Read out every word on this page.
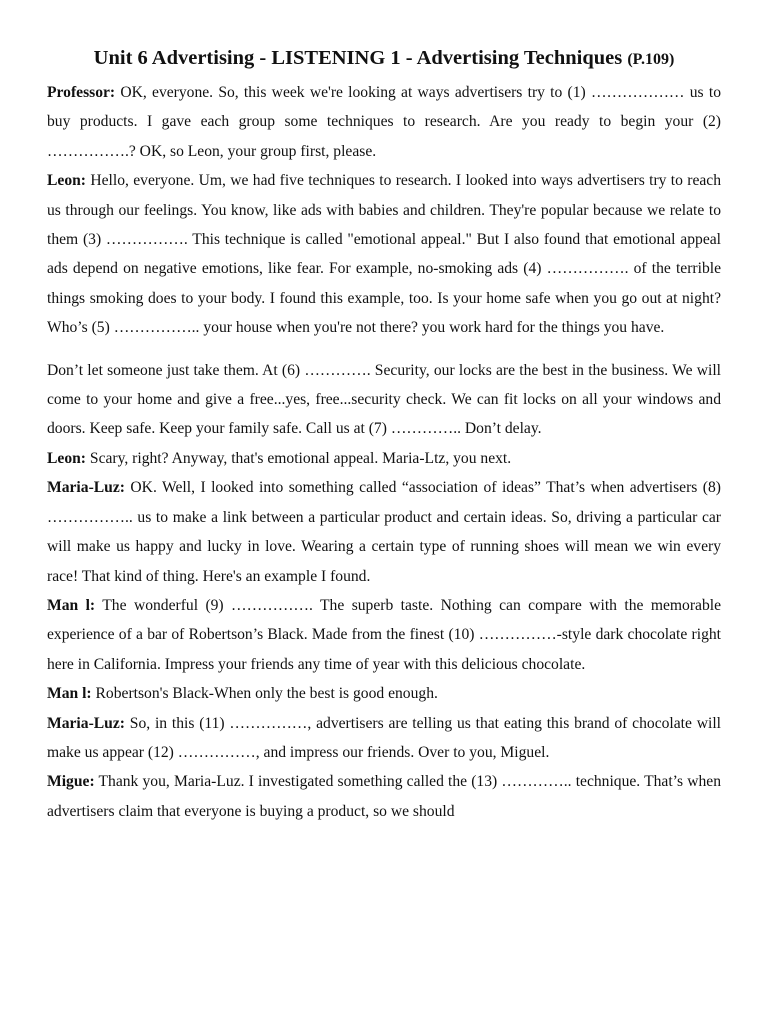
Unit 6 Advertising - LISTENING 1 - Advertising Techniques (P.109)

Professor: OK, everyone. So, this week we're looking at ways advertisers try to (1) ……………… us to buy products. I gave each group some techniques to research. Are you ready to begin your (2) …………….? OK, so Leon, your group first, please.

Leon: Hello, everyone. Um, we had five techniques to research. I looked into ways advertisers try to reach us through our feelings. You know, like ads with babies and children. They're popular because we relate to them (3) ……………. This technique is called "emotional appeal." But I also found that emotional appeal ads depend on negative emotions, like fear. For example, no-smoking ads (4) ……………. of the terrible things smoking does to your body. I found this example, too. Is your home safe when you go out at night? Who’s (5) …………….. your house when you're not there? you work hard for the things you have.

Don’t let someone just take them. At (6) …………. Security, our locks are the best in the business. We will come to your home and give a free...yes, free...security check. We can fit locks on all your windows and doors. Keep safe. Keep your family safe. Call us at (7) ………….. Don’t delay.

Leon: Scary, right? Anyway, that's emotional appeal. Maria-Ltz, you next.

Maria-Luz: OK. Well, I looked into something called “association of ideas” That’s when advertisers (8) …………….. us to make a link between a particular product and certain ideas. So, driving a particular car will make us happy and lucky in love. Wearing a certain type of running shoes will mean we win every race! That kind of thing. Here's an example I found.

Man l: The wonderful (9) ……………. The superb taste. Nothing can compare with the memorable experience of a bar of Robertson’s Black. Made from the finest (10) ……………-style dark chocolate right here in California. Impress your friends any time of year with this delicious chocolate.

Man l: Robertson's Black-When only the best is good enough.

Maria-Luz: So, in this (11) ……………, advertisers are telling us that eating this brand of chocolate will make us appear (12) ……………, and impress our friends. Over to you, Miguel.

Migue: Thank you, Maria-Luz. I investigated something called the (13) ………….. technique. That’s when advertisers claim that everyone is buying a product, so we should
